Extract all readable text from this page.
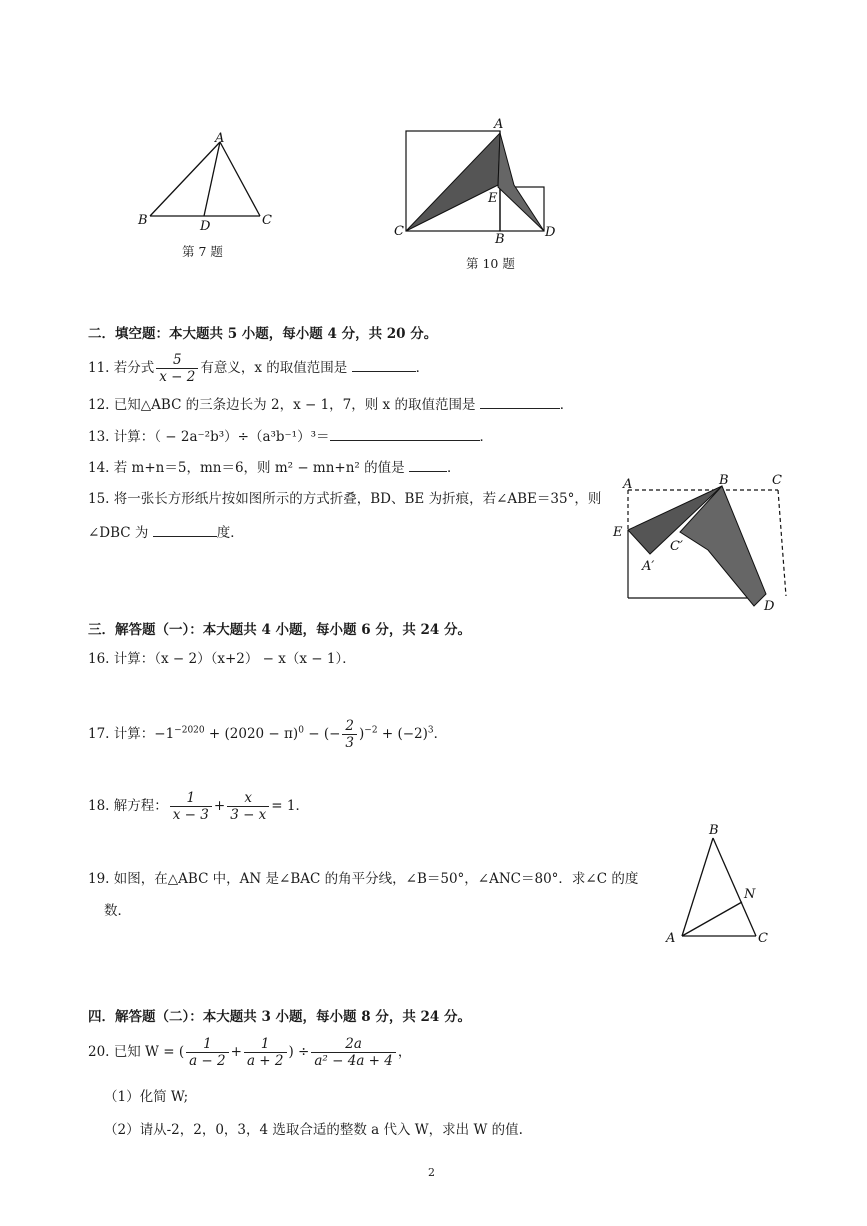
A
B	D	C
第 7 题
A
C
E
B	D
第 10 题
二．填空题：本大题共 5 小题，每小题 4 分，共 20 分。
11. 若分式 $\frac{5}{x - 2}$ 有意义，x 的取值范围是	．
12. 已知△ABC 的三条边长为 2，x − 1，7，则 x 的取值范围是	．
13. 计算：（ − 2a⁻²b³）÷（a³b⁻¹）³＝	．
14. 若 m+n＝5，mn＝6，则 m² − mn+n² 的值是	．
15. 将一张长方形纸片按如图所示的方式折叠，BD、BE 为折痕，若∠ABE＝35°，则
∠DBC 为	度．
A	B	C
E
C′
A′
D
三．解答题（一）：本大题共 4 小题，每小题 6 分，共 24 分。
16. 计算：（x − 2）（x+2） − x（x − 1）．
17. 计算：$-1^{-2020} + (2020 - \pi)^0$ − (− $\frac{2}{3} )^{-2} + (-2)^3$．
18. 解方程： $\frac{1}{x - 3} + \frac{x}{3 - x} = 1$．
19. 如图，在△ABC 中，AN 是∠BAC 的角平分线，∠B＝50°，∠ANC＝80°．求∠C 的度
数．
B
N
A	C
四．解答题（二）：本大题共 3 小题，每小题 8 分，共 24 分。
20. 已知 W = ( $\frac{1}{a - 2} + \frac{1}{a + 2}$ ) ÷ $\frac{2a}{\text{a² − 4a + 4}}$ ，
（1）化简 W;
（2）请从-2，2，0，3，4 选取合适的整数 a 代入 W，求出 W 的值.
2
